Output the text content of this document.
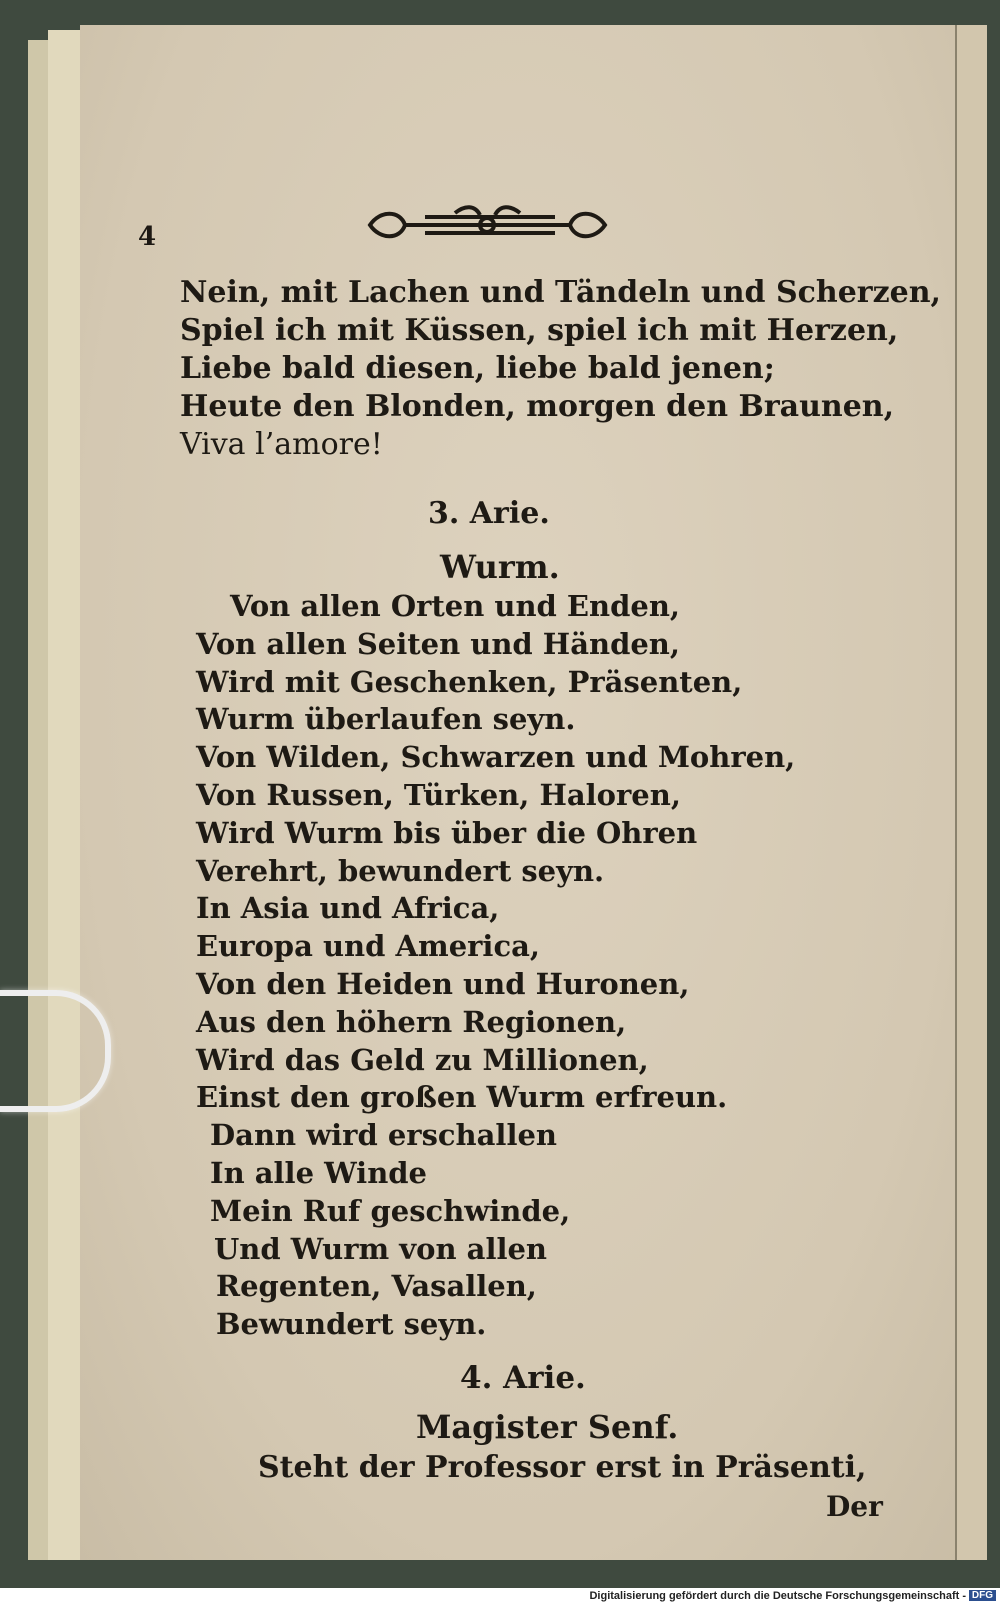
4
Nein, mit Lachen und Tändeln und Scherzen,
Spiel ich mit Küssen, spiel ich mit Herzen,
Liebe bald diesen, liebe bald jenen;
Heute den Blonden, morgen den Braunen,
Viva l’amore!
3. Arie.
Wurm.
Von allen Orten und Enden,
Von allen Seiten und Händen,
Wird mit Geschenken, Präsenten,
Wurm überlaufen seyn.
Von Wilden, Schwarzen und Mohren,
Von Russen, Türken, Haloren,
Wird Wurm bis über die Ohren
Verehrt, bewundert seyn.
In Asia und Africa,
Europa und America,
Von den Heiden und Huronen,
Aus den höhern Regionen,
Wird das Geld zu Millionen,
Einst den großen Wurm erfreun.
Dann wird erschallen
In alle Winde
Mein Ruf geschwinde,
Und Wurm von allen
Regenten, Vasallen,
Bewundert seyn.
4. Arie.
Magister Senf.
Steht der Professor erst in Präsenti,
Der
Digitalisierung gefördert durch die Deutsche Forschungsgemeinschaft - DFG
